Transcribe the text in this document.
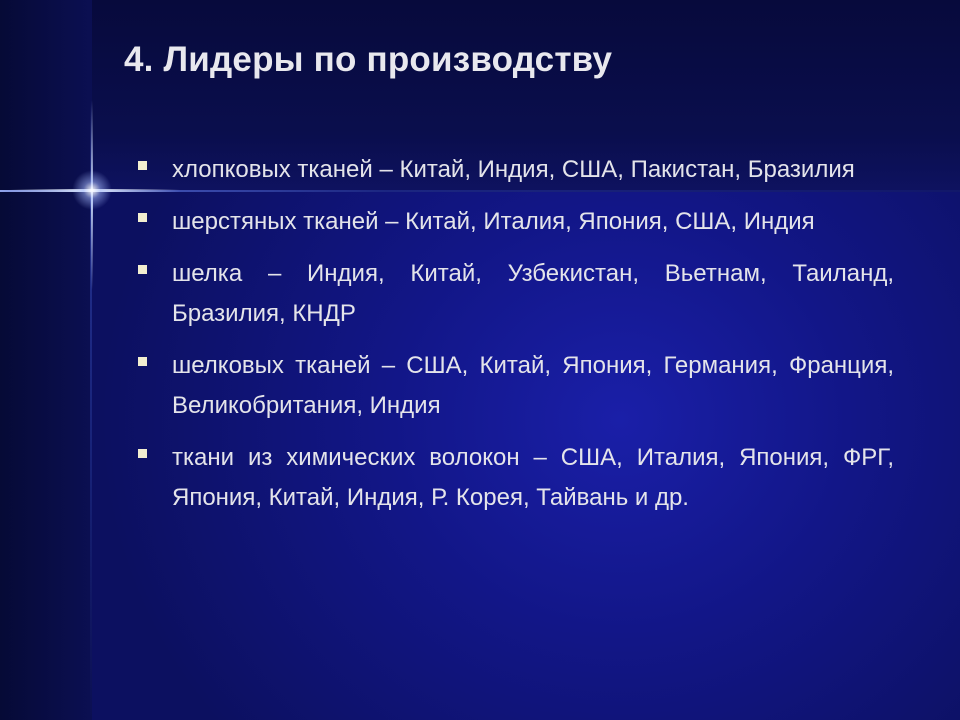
4. Лидеры по производству
хлопковых тканей – Китай, Индия, США, Пакистан, Бразилия
шерстяных тканей – Китай, Италия, Япония, США, Индия
шелка – Индия, Китай, Узбекистан, Вьетнам, Таиланд, Бразилия, КНДР
шелковых тканей – США, Китай, Япония, Германия, Франция, Великобритания, Индия
ткани из химических волокон – США, Италия, Япония, ФРГ, Япония, Китай, Индия, Р. Корея, Тайвань и др.
